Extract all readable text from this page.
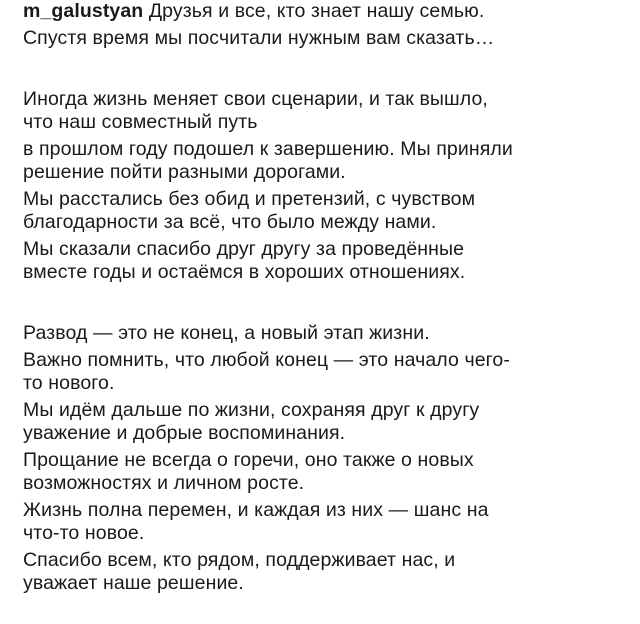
m_galustyan Друзья и все, кто знает нашу семью.
Спустя время мы посчитали нужным вам сказать…
Иногда жизнь меняет свои сценарии, и так вышло,
что наш совместный путь
в прошлом году подошел к завершению. Мы приняли
решение пойти разными дорогами.
Мы расстались без обид и претензий, с чувством
благодарности за всё, что было между нами.
Мы сказали спасибо друг другу за проведённые
вместе годы и остаёмся в хороших отношениях.
Развод — это не конец, а новый этап жизни.
Важно помнить, что любой конец — это начало чего-
то нового.
Мы идём дальше по жизни, сохраняя друг к другу
уважение и добрые воспоминания.
Прощание не всегда о горечи, оно также о новых
возможностях и личном росте.
Жизнь полна перемен, и каждая из них — шанс на
что-то новое.
Спасибо всем, кто рядом, поддерживает нас, и
уважает наше решение.
